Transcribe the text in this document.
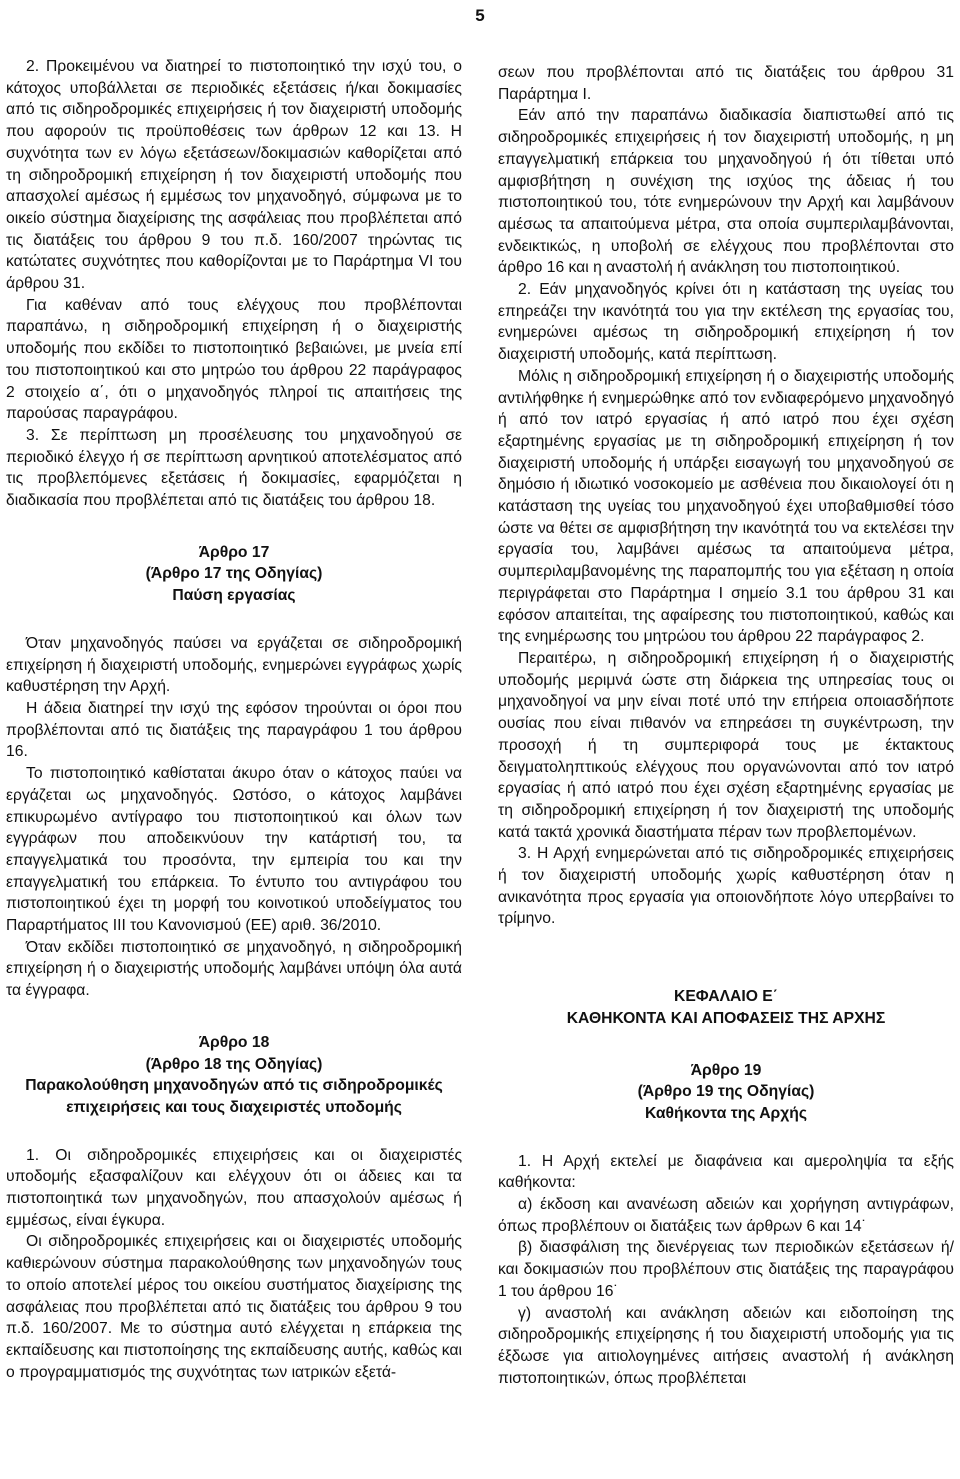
5

2. Προκειμένου να διατηρεί το πιστοποιητικό την ισχύ του, ο κάτοχος υποβάλλεται σε περιοδικές εξετάσεις ή/και δοκιμασίες από τις σιδηροδρομικές επιχειρήσεις ή τον διαχειριστή υποδομής που αφορούν τις προϋποθέσεις των άρθρων 12 και 13. Η συχνότητα των εν λόγω εξετάσεων/δοκιμασιών καθορίζεται από τη σιδηροδρομική επιχείρηση ή τον διαχειριστή υποδομής που απασχολεί αμέσως ή εμμέσως τον μηχανοδηγό, σύμφωνα με το οικείο σύστημα διαχείρισης της ασφάλειας που προβλέπεται από τις διατάξεις του άρθρου 9 του π.δ. 160/2007 τηρώντας τις κατώτατες συχνότητες που καθορίζονται με το Παράρτημα VI του άρθρου 31.

Για καθέναν από τους ελέγχους που προβλέπονται παραπάνω, η σιδηροδρομική επιχείρηση ή ο διαχειριστής υποδομής που εκδίδει το πιστοποιητικό βεβαιώνει, με μνεία επί του πιστοποιητικού και στο μητρώο του άρθρου 22 παράγραφος 2 στοιχείο α΄, ότι ο μηχανοδηγός πληροί τις απαιτήσεις της παρούσας παραγράφου.

3. Σε περίπτωση μη προσέλευσης του μηχανοδηγού σε περιοδικό έλεγχο ή σε περίπτωση αρνητικού αποτελέσματος από τις προβλεπόμενες εξετάσεις ή δοκιμασίες, εφαρμόζεται η διαδικασία που προβλέπεται από τις διατάξεις του άρθρου 18.

Άρθρο 17
(Άρθρο 17 της Οδηγίας)
Παύση εργασίας

Όταν μηχανοδηγός παύσει να εργάζεται σε σιδηροδρομική επιχείρηση ή διαχειριστή υποδομής, ενημερώνει εγγράφως χωρίς καθυστέρηση την Αρχή.

Η άδεια διατηρεί την ισχύ της εφόσον τηρούνται οι όροι που προβλέπονται από τις διατάξεις της παραγράφου 1 του άρθρου 16.

Το πιστοποιητικό καθίσταται άκυρο όταν ο κάτοχος παύει να εργάζεται ως μηχανοδηγός. Ωστόσο, ο κάτοχος λαμβάνει επικυρωμένο αντίγραφο του πιστοποιητικού και όλων των εγγράφων που αποδεικνύουν την κατάρτισή του, τα επαγγελματικά του προσόντα, την εμπειρία του και την επαγγελματική του επάρκεια. Το έντυπο του αντιγράφου του πιστοποιητικού έχει τη μορφή του κοινοτικού υποδείγματος του Παραρτήματος ΙΙΙ του Κανονισμού (ΕΕ) αριθ. 36/2010.

Όταν εκδίδει πιστοποιητικό σε μηχανοδηγό, η σιδηροδρομική επιχείρηση ή ο διαχειριστής υποδομής λαμβάνει υπόψη όλα αυτά τα έγγραφα.

Άρθρο 18
(Άρθρο 18 της Οδηγίας)
Παρακολούθηση μηχανοδηγών από τις σιδηροδρομικές
επιχειρήσεις και τους διαχειριστές υποδομής

1. Οι σιδηροδρομικές επιχειρήσεις και οι διαχειριστές υποδομής εξασφαλίζουν και ελέγχουν ότι οι άδειες και τα πιστοποιητικά των μηχανοδηγών, που απασχολούν αμέσως ή εμμέσως, είναι έγκυρα.

Οι σιδηροδρομικές επιχειρήσεις και οι διαχειριστές υποδομής καθιερώνουν σύστημα παρακολούθησης των μηχανοδηγών τους το οποίο αποτελεί μέρος του οικείου συστήματος διαχείρισης της ασφάλειας που προβλέπεται από τις διατάξεις του άρθρου 9 του π.δ. 160/2007. Με το σύστημα αυτό ελέγχεται η επάρκεια της εκπαίδευσης και πιστοποίησης της εκπαίδευσης αυτής, καθώς και ο προγραμματισμός της συχνότητας των ιατρικών εξετά-

σεων που προβλέπονται από τις διατάξεις του άρθρου 31 Παράρτημα Ι.

Εάν από την παραπάνω διαδικασία διαπιστωθεί από τις σιδηροδρομικές επιχειρήσεις ή τον διαχειριστή υποδομής, η μη επαγγελματική επάρκεια του μηχανοδηγού ή ότι τίθεται υπό αμφισβήτηση η συνέχιση της ισχύος της άδειας ή του πιστοποιητικού του, τότε ενημερώνουν την Αρχή και λαμβάνουν αμέσως τα απαιτούμενα μέτρα, στα οποία συμπεριλαμβάνονται, ενδεικτικώς, η υποβολή σε ελέγχους που προβλέπονται στο άρθρο 16 και η αναστολή ή ανάκληση του πιστοποιητικού.

2. Εάν μηχανοδηγός κρίνει ότι η κατάσταση της υγείας του επηρεάζει την ικανότητά του για την εκτέλεση της εργασίας του, ενημερώνει αμέσως τη σιδηροδρομική επιχείρηση ή τον διαχειριστή υποδομής, κατά περίπτωση.

Μόλις η σιδηροδρομική επιχείρηση ή ο διαχειριστής υποδομής αντιλήφθηκε ή ενημερώθηκε από τον ενδιαφερόμενο μηχανοδηγό ή από τον ιατρό εργασίας ή από ιατρό που έχει σχέση εξαρτημένης εργασίας με τη σιδηροδρομική επιχείρηση ή τον διαχειριστή υποδομής ή υπάρξει εισαγωγή του μηχανοδηγού σε δημόσιο ή ιδιωτικό νοσοκομείο με ασθένεια που δικαιολογεί ότι η κατάσταση της υγείας του μηχανοδηγού έχει υποβαθμισθεί τόσο ώστε να θέτει σε αμφισβήτηση την ικανότητά του να εκτελέσει την εργασία του, λαμβάνει αμέσως τα απαιτούμενα μέτρα, συμπεριλαμβανομένης της παραπομπής του για εξέταση η οποία περιγράφεται στο Παράρτημα Ι σημείο 3.1 του άρθρου 31 και εφόσον απαιτείται, της αφαίρεσης του πιστοποιητικού, καθώς και της ενημέρωσης του μητρώου του άρθρου 22 παράγραφος 2.

Περαιτέρω, η σιδηροδρομική επιχείρηση ή ο διαχειριστής υποδομής μεριμνά ώστε στη διάρκεια της υπηρεσίας τους οι μηχανοδηγοί να μην είναι ποτέ υπό την επήρεια οποιασδήποτε ουσίας που είναι πιθανόν να επηρεάσει τη συγκέντρωση, την προσοχή ή τη συμπεριφορά τους με έκτακτους δειγματοληπτικούς ελέγχους που οργανώνονται από τον ιατρό εργασίας ή από ιατρό που έχει σχέση εξαρτημένης εργασίας με τη σιδηροδρομική επιχείρηση ή τον διαχειριστή της υποδομής κατά τακτά χρονικά διαστήματα πέραν των προβλεπομένων.

3. Η Αρχή ενημερώνεται από τις σιδηροδρομικές επιχειρήσεις ή τον διαχειριστή υποδομής χωρίς καθυστέρηση όταν η ανικανότητα προς εργασία για οποιονδήποτε λόγο υπερβαίνει το τρίμηνο.

ΚΕΦΑΛΑΙΟ Ε΄
ΚΑΘΗΚΟΝΤΑ ΚΑΙ ΑΠΟΦΑΣΕΙΣ ΤΗΣ ΑΡΧΗΣ
Άρθρο 19
(Άρθρο 19 της Οδηγίας)
Καθήκοντα της Αρχής

1. Η Αρχή εκτελεί με διαφάνεια και αμεροληψία τα εξής καθήκοντα:

α) έκδοση και ανανέωση αδειών και χορήγηση αντιγράφων, όπως προβλέπουν οι διατάξεις των άρθρων 6 και 14˙

β) διασφάλιση της διενέργειας των περιοδικών εξετάσεων ή/και δοκιμασιών που προβλέπουν στις διατάξεις της παραγράφου 1 του άρθρου 16˙

γ) αναστολή και ανάκληση αδειών και ειδοποίηση της σιδηροδρομικής επιχείρησης ή του διαχειριστή υποδομής για τις έξδωσε για αιτιολογημένες αιτήσεις αναστολή ή ανάκληση πιστοποιητικών, όπως προβλέπεται
